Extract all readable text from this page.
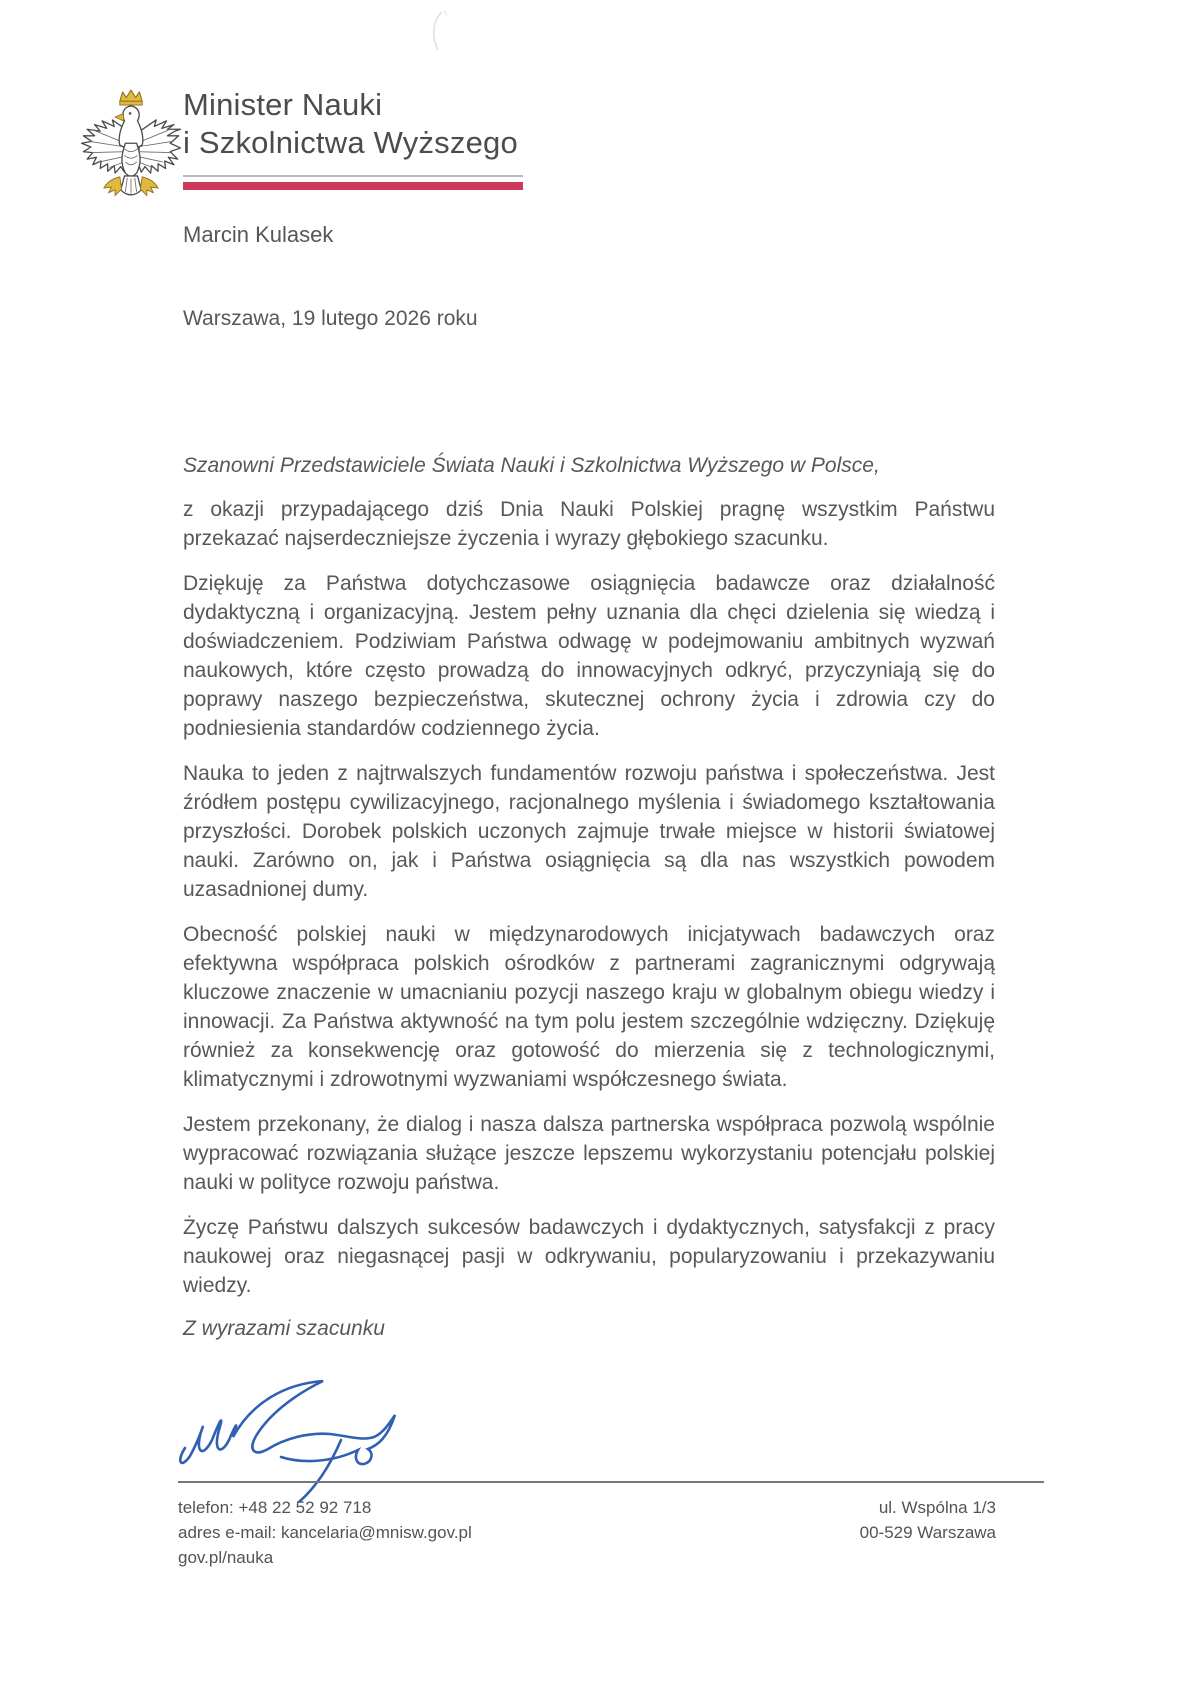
Minister Nauki
i Szkolnictwa Wyższego
Marcin Kulasek

Warszawa, 19 lutego 2026 roku

Szanowni Przedstawiciele Świata Nauki i Szkolnictwa Wyższego w Polsce,

z okazji przypadającego dziś Dnia Nauki Polskiej pragnę wszystkim Państwu przekazać najserdeczniejsze życzenia i wyrazy głębokiego szacunku.

Dziękuję za Państwa dotychczasowe osiągnięcia badawcze oraz działalność dydaktyczną i organizacyjną. Jestem pełny uznania dla chęci dzielenia się wiedzą i doświadczeniem. Podziwiam Państwa odwagę w podejmowaniu ambitnych wyzwań naukowych, które często prowadzą do innowacyjnych odkryć, przyczyniają się do poprawy naszego bezpieczeństwa, skutecznej ochrony życia i zdrowia czy do podniesienia standardów codziennego życia.

Nauka to jeden z najtrwalszych fundamentów rozwoju państwa i społeczeństwa. Jest źródłem postępu cywilizacyjnego, racjonalnego myślenia i świadomego kształtowania przyszłości. Dorobek polskich uczonych zajmuje trwałe miejsce w historii światowej nauki. Zarówno on, jak i Państwa osiągnięcia są dla nas wszystkich powodem uzasadnionej dumy.

Obecność polskiej nauki w międzynarodowych inicjatywach badawczych oraz efektywna współpraca polskich ośrodków z partnerami zagranicznymi odgrywają kluczowe znaczenie w umacnianiu pozycji naszego kraju w globalnym obiegu wiedzy i innowacji. Za Państwa aktywność na tym polu jestem szczególnie wdzięczny. Dziękuję również za konsekwencję oraz gotowość do mierzenia się z technologicznymi, klimatycznymi i zdrowotnymi wyzwaniami współczesnego świata.

Jestem przekonany, że dialog i nasza dalsza partnerska współpraca pozwolą wspólnie wypracować rozwiązania służące jeszcze lepszemu wykorzystaniu potencjału polskiej nauki w polityce rozwoju państwa.

Życzę Państwu dalszych sukcesów badawczych i dydaktycznych, satysfakcji z pracy naukowej oraz niegasnącej pasji w odkrywaniu, popularyzowaniu i przekazywaniu wiedzy.

Z wyrazami szacunku

telefon: +48 22 52 92 718
adres e-mail: kancelaria@mnisw.gov.pl
gov.pl/nauka
ul. Wspólna 1/3
00-529 Warszawa
